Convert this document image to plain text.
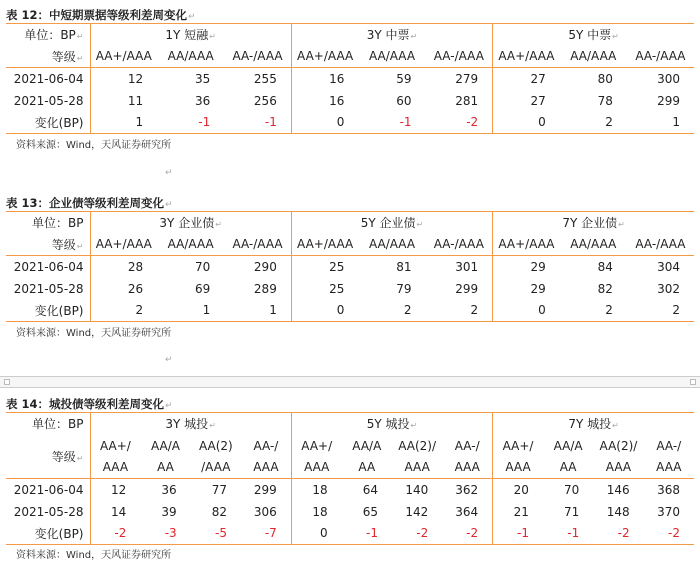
表 12：中短期票据等级利差周变化↵
单位：BP↵	1Y 短融↵			3Y 中票↵			5Y 中票↵		
等级↵	AA+/AAA	AA/AAA	AA-/AAA	AA+/AAA	AA/AAA	AA-/AAA	AA+/AAA	AA/AAA	AA-/AAA
2021-06-04	12	35	255	16	59	279	27	80	300
2021-05-28	11	36	256	16	60	281	27	78	299
变化(BP)	1	-1	-1	0	-1	-2	0	2	1
资料来源：Wind，天风证券研究所
↵
表 13：企业债等级利差周变化↵
单位：BP	3Y 企业债↵			5Y 企业债↵			7Y 企业债↵		
等级↵	AA+/AAA	AA/AAA	AA-/AAA	AA+/AAA	AA/AAA	AA-/AAA	AA+/AAA	AA/AAA	AA-/AAA
2021-06-04	28	70	290	25	81	301	29	84	304
2021-05-28	26	69	289	25	79	299	29	82	302
变化(BP)	2	1	1	0	2	2	0	2	2
资料来源：Wind，天风证券研究所
↵
表 14：城投债等级利差周变化↵
单位：BP	3Y 城投↵				5Y 城投↵				7Y 城投↵			
等级↵	AA+/	AA/A	AA(2)	AA-/	AA+/	AA/A	AA(2)/	AA-/	AA+/	AA/A	AA(2)/	AA-/
	AAA	AA	/AAA	AAA	AAA	AA	AAA	AAA	AAA	AA	AAA	AAA
2021-06-04	12	36	77	299	18	64	140	362	20	70	146	368
2021-05-28	14	39	82	306	18	65	142	364	21	71	148	370
变化(BP)	-2	-3	-5	-7	0	-1	-2	-2	-1	-1	-2	-2
资料来源：Wind，天风证券研究所
